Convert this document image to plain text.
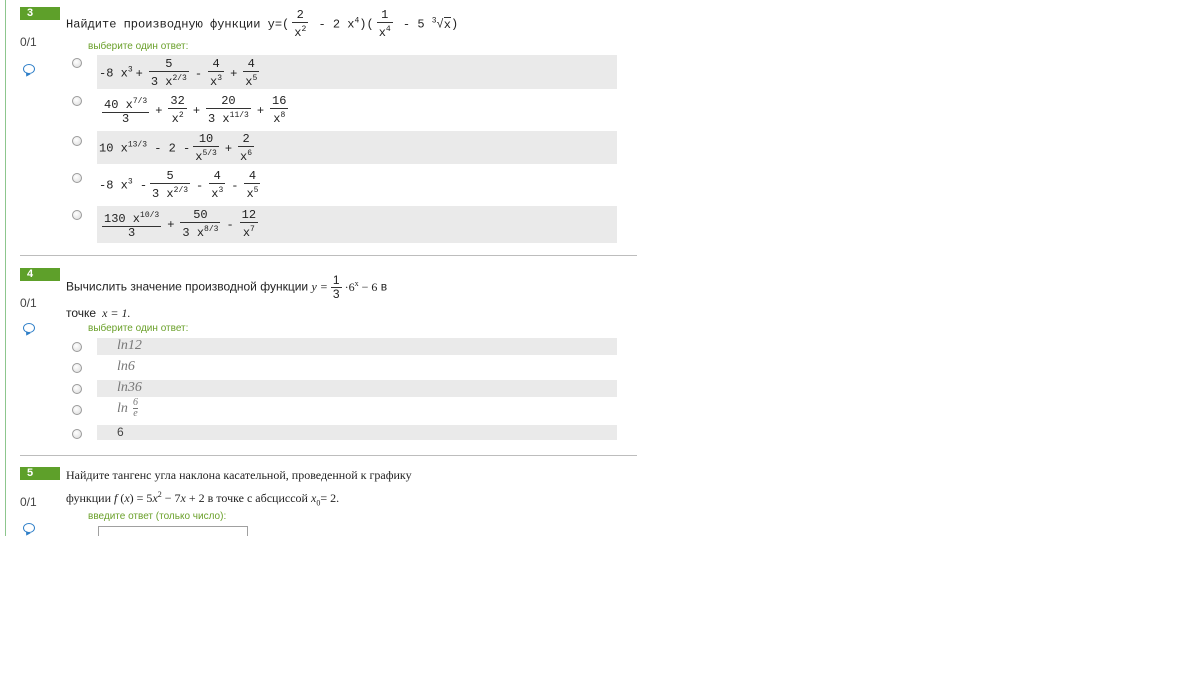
3
0/1
Найдите производную функции $y=( \frac{2}{x^2} - 2$ $x^4)( \frac{1}{x^4} - 5$ $^3$√x)
выберите один ответ:
-8 $x^3 + \frac{5}{3 x^{2/3}} - \frac{4}{x^3} + \frac{4}{x^5}$
$\frac{40 x^{7/3}}{3} + \frac{32}{x^2} + \frac{20}{3 x^{11/3}} + \frac{16}{x^8}$
10 $x^{13/3} - 2 - \frac{10}{x^{5/3}} + \frac{2}{x^6}$
-8 $x^3 - \frac{5}{3 x^{2/3}} - \frac{4}{x^3} - \frac{4}{x^5}$
$\frac{130 x^{10/3}}{3} + \frac{50}{3 x^{8/3}} - \frac{12}{x^7}$
4
0/1
Вычислить значение производной функции $y = \frac{1}{3} \cdot 6^x - 6$ в
точке  x = 1.
выберите один ответ:
ln12
ln6
ln36
ln 6
e
6
5
0/1
Найдите тангенс угла наклона касательной, проведенной к графику
функции f $(x) = 5x^2 - 7x + 2$ в точке с абсциссой $x_0= 2$.
введите ответ (только число):
